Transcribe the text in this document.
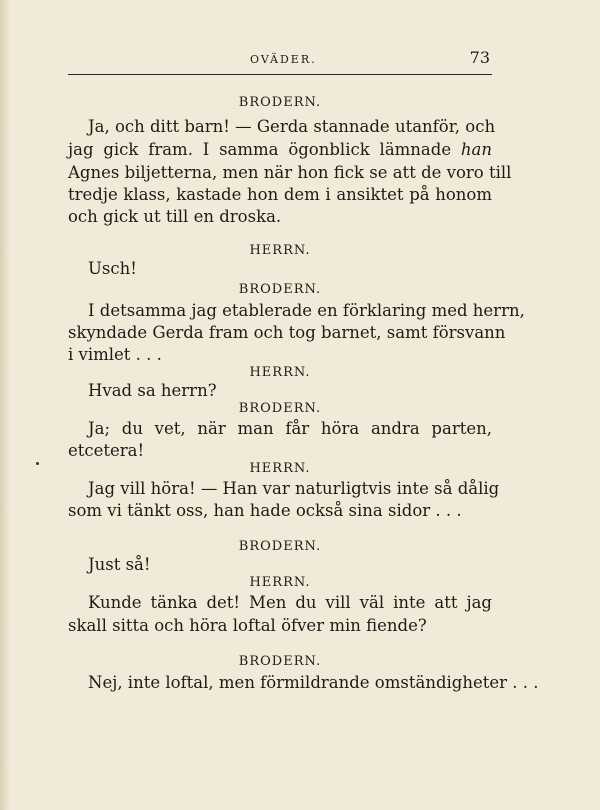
OVÄDER.	73
BRODERN.
Ja, och ditt barn! — Gerda stannade utanför, och
jag gick fram. I samma ögonblick lämnade han
Agnes biljetterna, men när hon fick se att de voro till
tredje klass, kastade hon dem i ansiktet på honom
och gick ut till en droska.
HERRN.
Usch!
BRODERN.
I detsamma jag etablerade en förklaring med herrn,
skyndade Gerda fram och tog barnet, samt försvann
i vimlet . . .
HERRN.
Hvad sa herrn?
BRODERN.
Ja; du vet, när man får höra andra parten,
etcetera!
HERRN.
Jag vill höra! — Han var naturligtvis inte så dålig
som vi tänkt oss, han hade också sina sidor . . .
BRODERN.
Just så!
HERRN.
Kunde tänka det! Men du vill väl inte att jag
skall sitta och höra loftal öfver min fiende?
BRODERN.
Nej, inte loftal, men förmildrande omständigheter . . .
